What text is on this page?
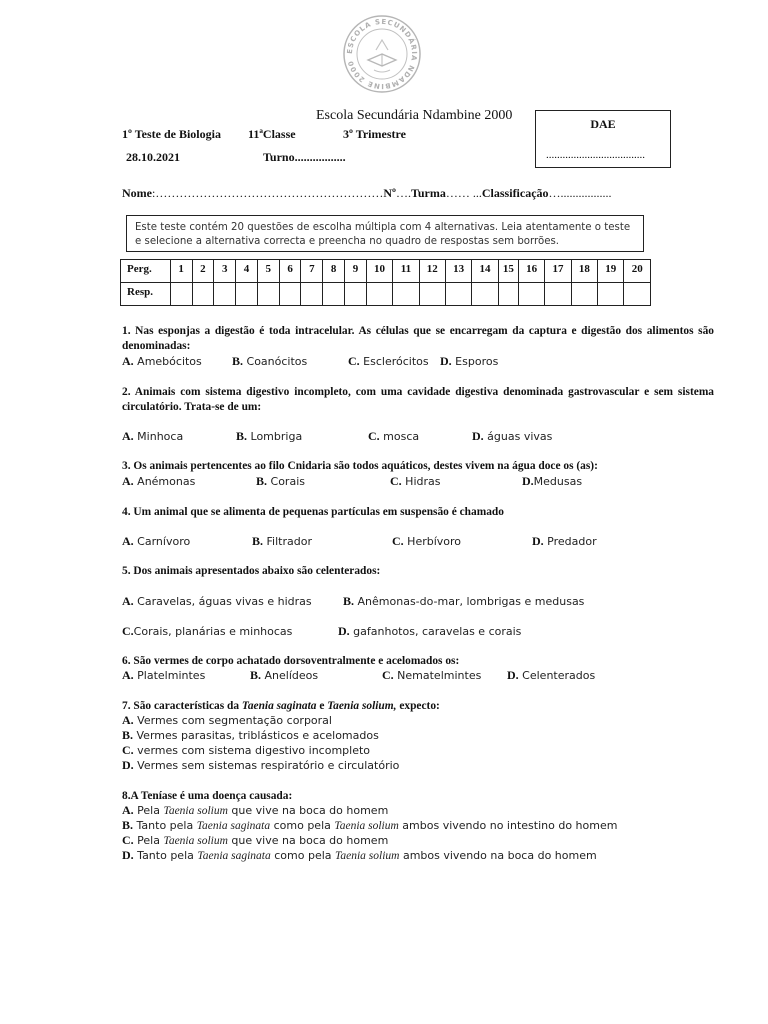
ESCOLA SECUNDÁRIA NDAMBINE 2000
Escola Secundária Ndambine 2000
DAE
....................................
1º Teste de Biologia 11ªClasse	3º Trimestre
28.10.2021	Turno.................
Nome:…………………………………………………Nº….Turma…… ...Classificação….................
Este teste contém 20 questões de escolha múltipla com 4 alternativas. Leia atentamente o teste e selecione a alternativa correcta e preencha no quadro de respostas sem borrões.
Perg.	1	2	3	4	5	6	7	8	9	10	11	12	13	14	15	16	17	18	19	20
Resp.																				
1. Nas esponjas a digestão é toda intracelular. As células que se encarregam da captura e digestão dos alimentos são denominadas:
A. Amebócitos	B. Coanócitos	C. Esclerócitos D. Esporos
2. Animais com sistema digestivo incompleto, com uma cavidade digestiva denominada gastrovascular e sem sistema circulatório. Trata-se de um:
A. Minhoca	B. Lombriga	C. mosca	D. águas vivas
3. Os animais pertencentes ao filo Cnidaria são todos aquáticos, destes vivem na água doce os (as):
A. Anémonas	B. Corais	C. Hidras	D.Medusas
4. Um animal que se alimenta de pequenas partículas em suspensão é chamado
A. Carnívoro	B. Filtrador	C. Herbívoro	D. Predador
5. Dos animais apresentados abaixo são celenterados:
A. Caravelas, águas vivas e hidras	B. Anêmonas-do-mar, lombrigas e medusas
C.Corais, planárias e minhocas	D. gafanhotos, caravelas e corais
6. São vermes de corpo achatado dorsoventralmente e acelomados os:
A. Platelmintes	B. Anelídeos	C. Nematelmintes D. Celenterados
7. São características da Taenia saginata e Taenia solium, expecto:
A. Vermes com segmentação corporal
B. Vermes parasitas, triblásticos e acelomados
C. vermes com sistema digestivo incompleto
D. Vermes sem sistemas respiratório e circulatório
8.A Teníase é uma doença causada:
A. Pela Taenia solium que vive na boca do homem
B. Tanto pela Taenia saginata como pela Taenia solium ambos vivendo no intestino do homem
C. Pela Taenia solium que vive na boca do homem
D. Tanto pela Taenia saginata como pela Taenia solium ambos vivendo na boca do homem
